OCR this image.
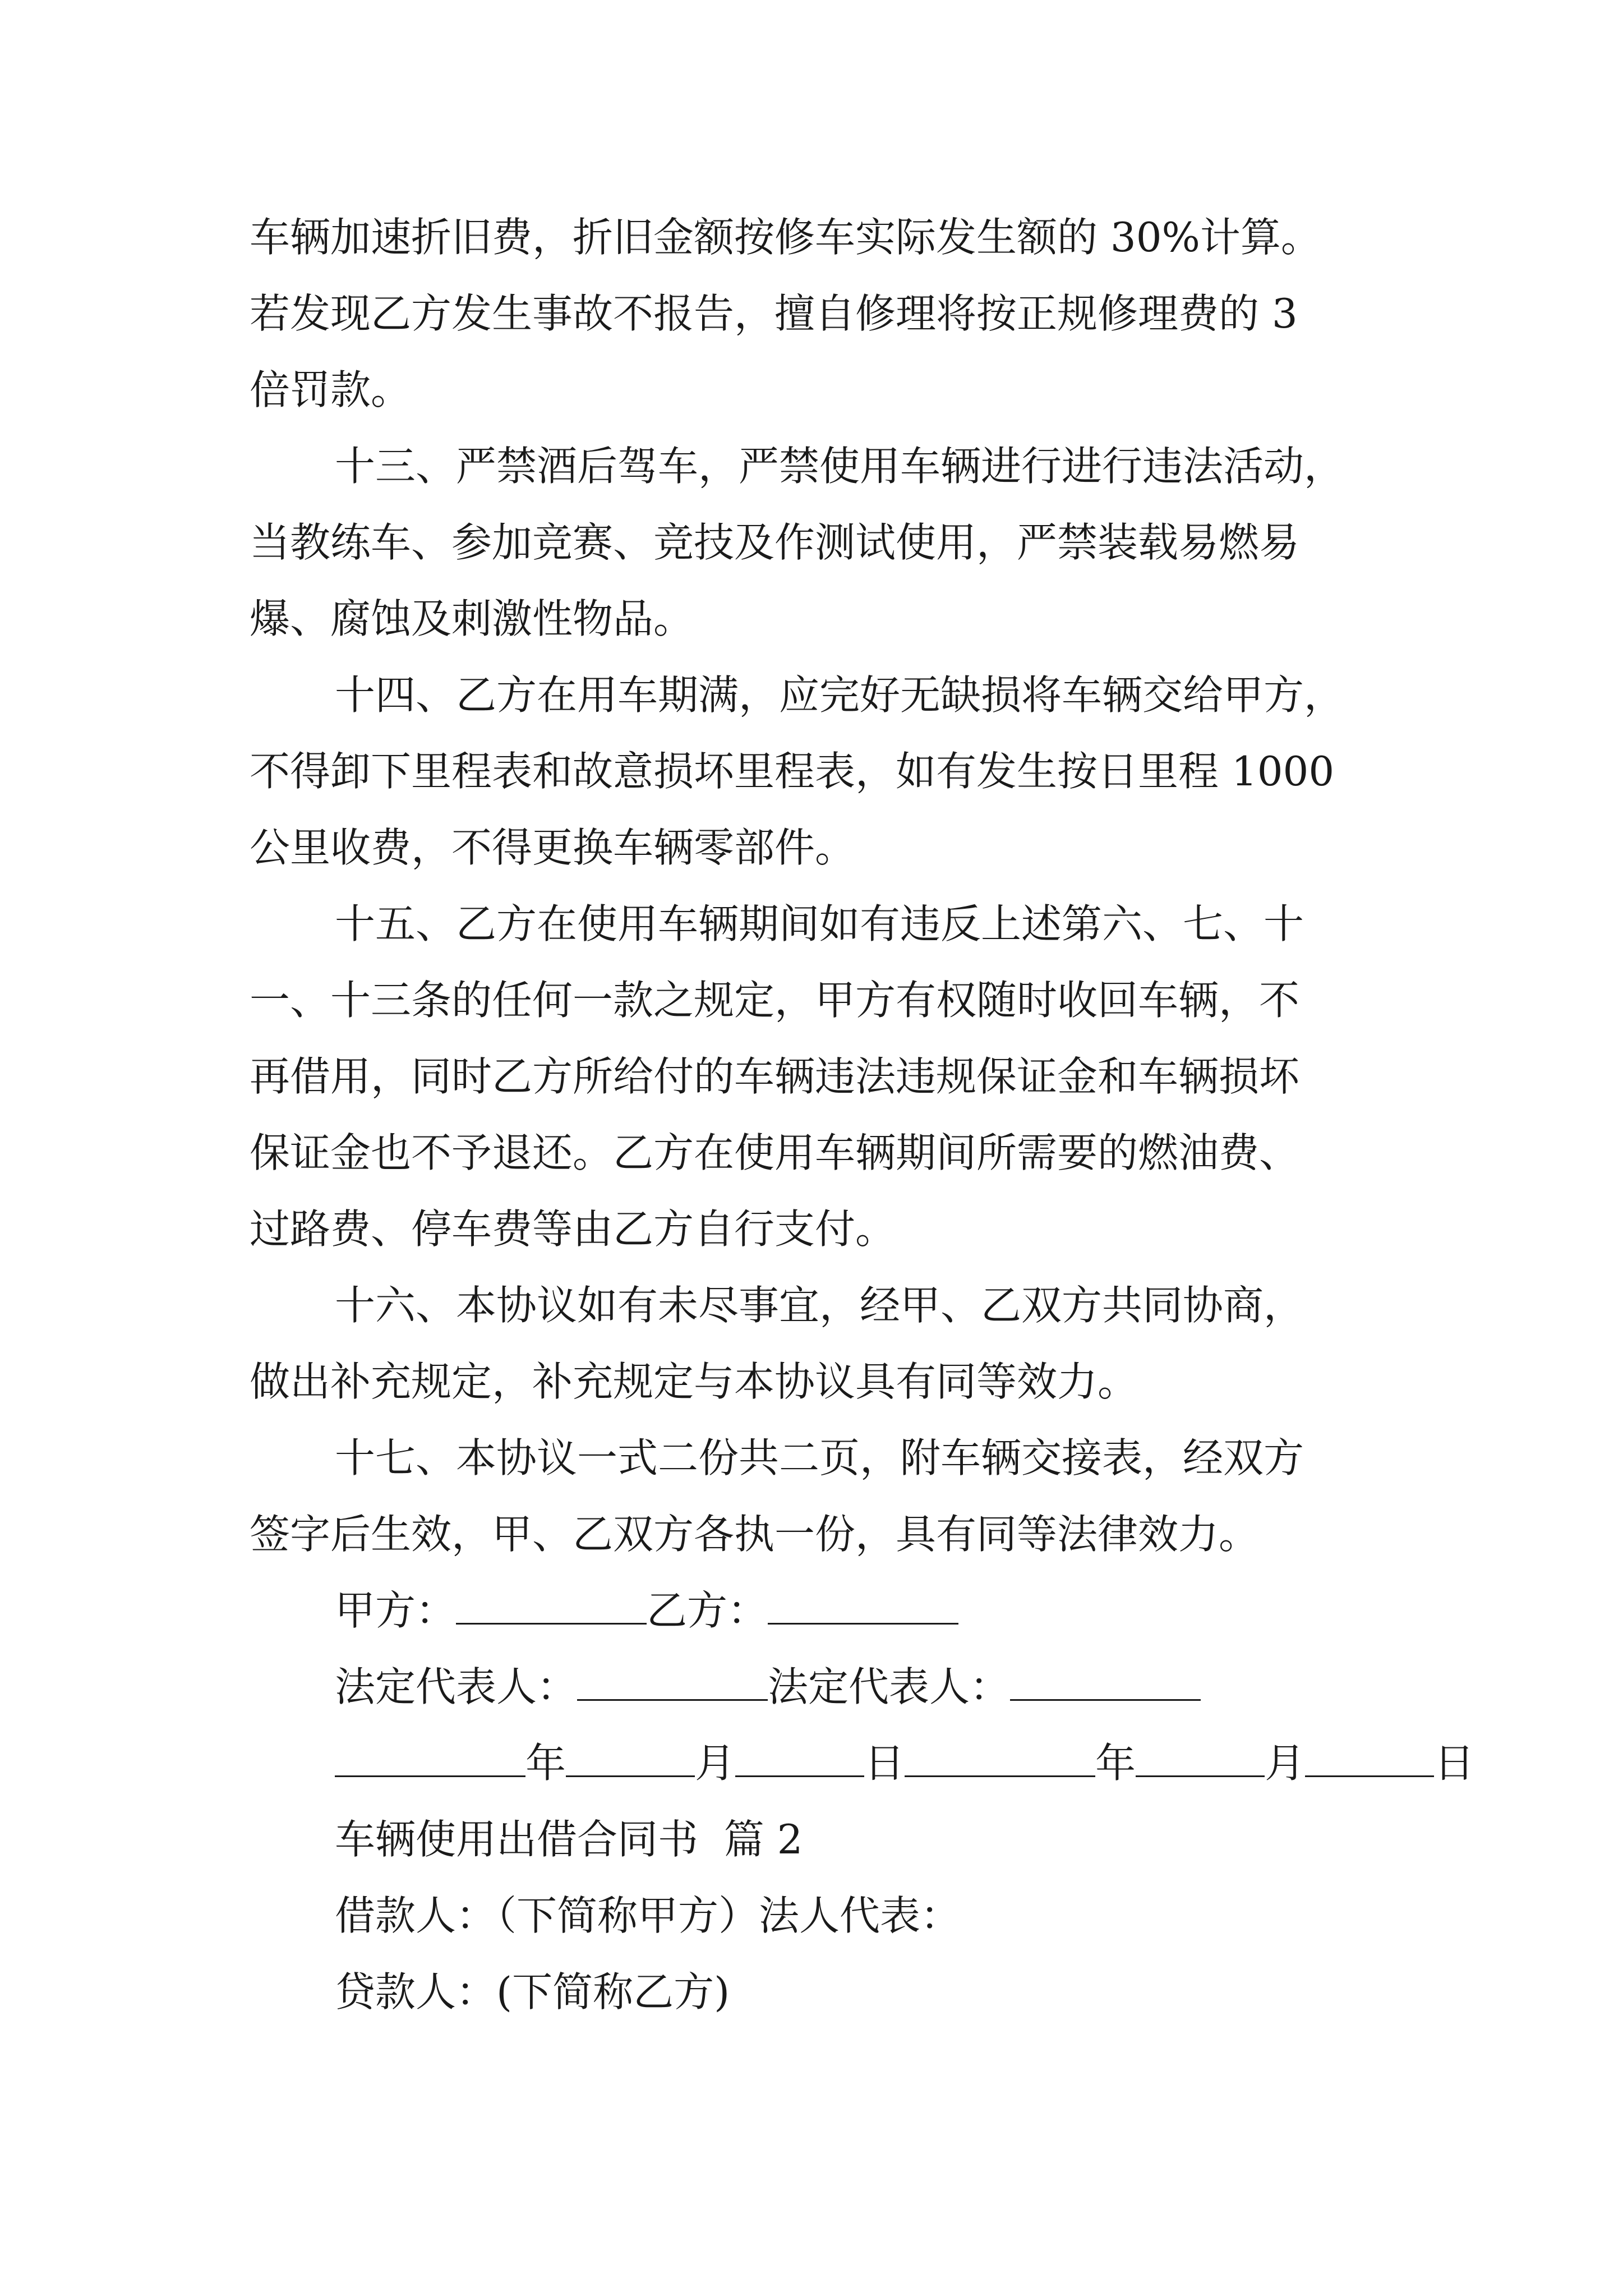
车辆加速折旧费，折旧金额按修车实际发生额的 30%计算。
若发现乙方发生事故不报告，擅自修理将按正规修理费的 3
倍罚款。
十三、严禁酒后驾车，严禁使用车辆进行进行违法活动，
当教练车、参加竞赛、竞技及作测试使用，严禁装载易燃易
爆、腐蚀及刺激性物品。
十四、乙方在用车期满，应完好无缺损将车辆交给甲方，
不得卸下里程表和故意损坏里程表，如有发生按日里程 1000
公里收费，不得更换车辆零部件。
十五、乙方在使用车辆期间如有违反上述第六、七、十
一、十三条的任何一款之规定，甲方有权随时收回车辆，不
再借用，同时乙方所给付的车辆违法违规保证金和车辆损坏
保证金也不予退还。乙方在使用车辆期间所需要的燃油费、
过路费、停车费等由乙方自行支付。
十六、本协议如有未尽事宜，经甲、乙双方共同协商，
做出补充规定，补充规定与本协议具有同等效力。
十七、本协议一式二份共二页，附车辆交接表，经双方
签字后生效，甲、乙双方各执一份，具有同等法律效力。
甲方：	乙方：
法定代表人：	法定代表人：
年	月	日	年	月	日
车辆使用出借合同书  篇 2
借款人：（下简称甲方）法人代表：
贷款人：(下简称乙方)
